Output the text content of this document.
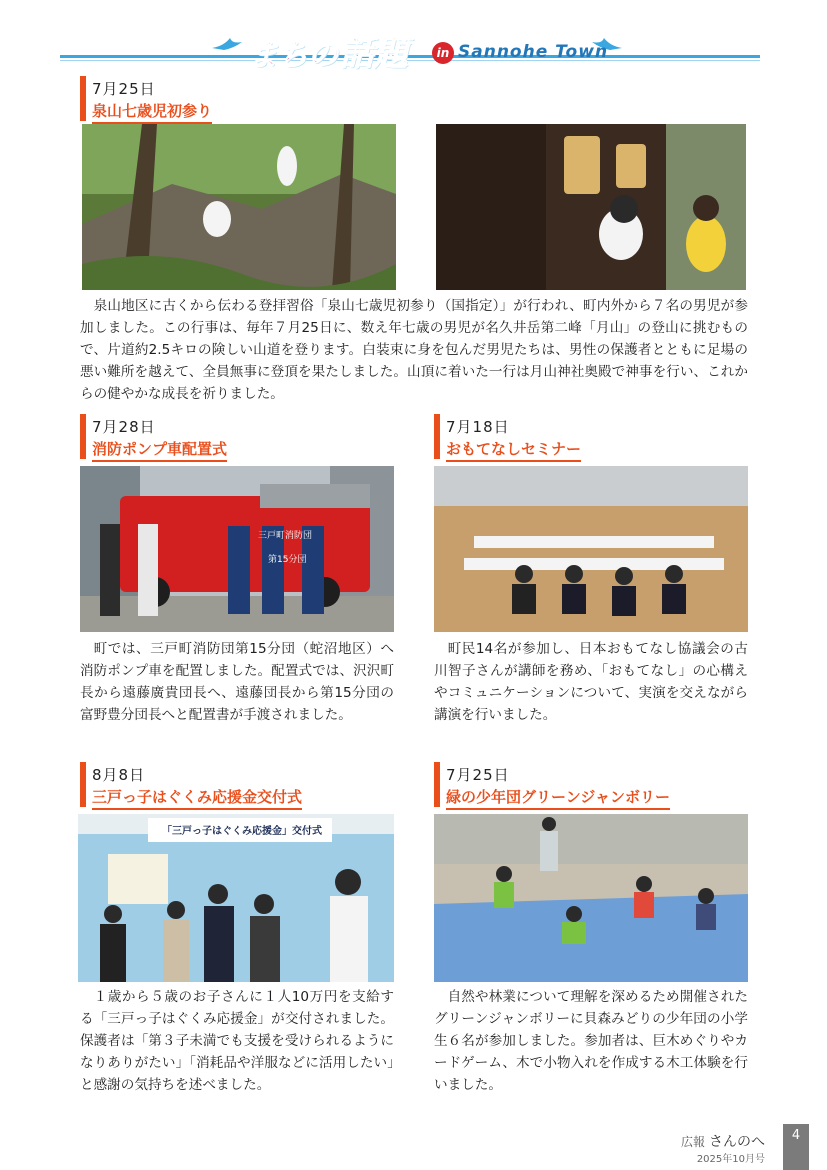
まちの話題	in Sannohe Town
7月25日
泉山七歳児初参り

泉山地区に古くから伝わる登拝習俗「泉山七歳児初参り（国指定）」が行われ、町内外から７名の男児が参加しました。この行事は、毎年７月25日に、数え年七歳の男児が名久井岳第二峰「月山」の登山に挑むもので、片道約2.5キロの険しい山道を登ります。白装束に身を包んだ男児たちは、男性の保護者とともに足場の悪い難所を越えて、全員無事に登頂を果たしました。山頂に着いた一行は月山神社奥殿で神事を行い、これからの健やかな成長を祈りました。

7月28日
消防ポンプ車配置式
三戸町消防団
第15分団

町では、三戸町消防団第15分団（蛇沼地区）へ消防ポンプ車を配置しました。配置式では、沢沢町長から遠藤廣貴団長へ、遠藤団長から第15分団の富野豊分団長へと配置書が手渡されました。

7月18日
おもてなしセミナー

町民14名が参加し、日本おもてなし協議会の古川智子さんが講師を務め、「おもてなし」の心構えやコミュニケーションについて、実演を交えながら講演を行いました。

8月8日
三戸っ子はぐくみ応援金交付式
「三戸っ子はぐくみ応援金」交付式

１歳から５歳のお子さんに１人10万円を支給する「三戸っ子はぐくみ応援金」が交付されました。保護者は「第３子未満でも支援を受けられるようになりありがたい」「消耗品や洋服などに活用したい」と感謝の気持ちを述べました。

7月25日
緑の少年団グリーンジャンボリー

自然や林業について理解を深めるため開催されたグリーンジャンボリーに貝森みどりの少年団の小学生６名が参加しました。参加者は、巨木めぐりやカードゲーム、木で小物入れを作成する木工体験を行いました。

広報 さんのへ
2025年10月号
4
